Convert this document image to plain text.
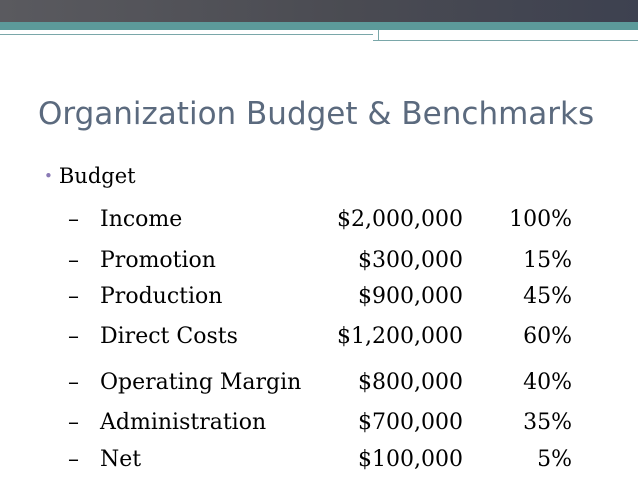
Organization Budget & Benchmarks
• Budget
– Income	$2,000,000 100%
– Promotion	$300,000	15%
– Production	$900,000	45%
– Direct Costs	$1,200,000	60%
– Operating Margin	$800,000	40%
– Administration	$700,000	35%
– Net	$100,000	5%
